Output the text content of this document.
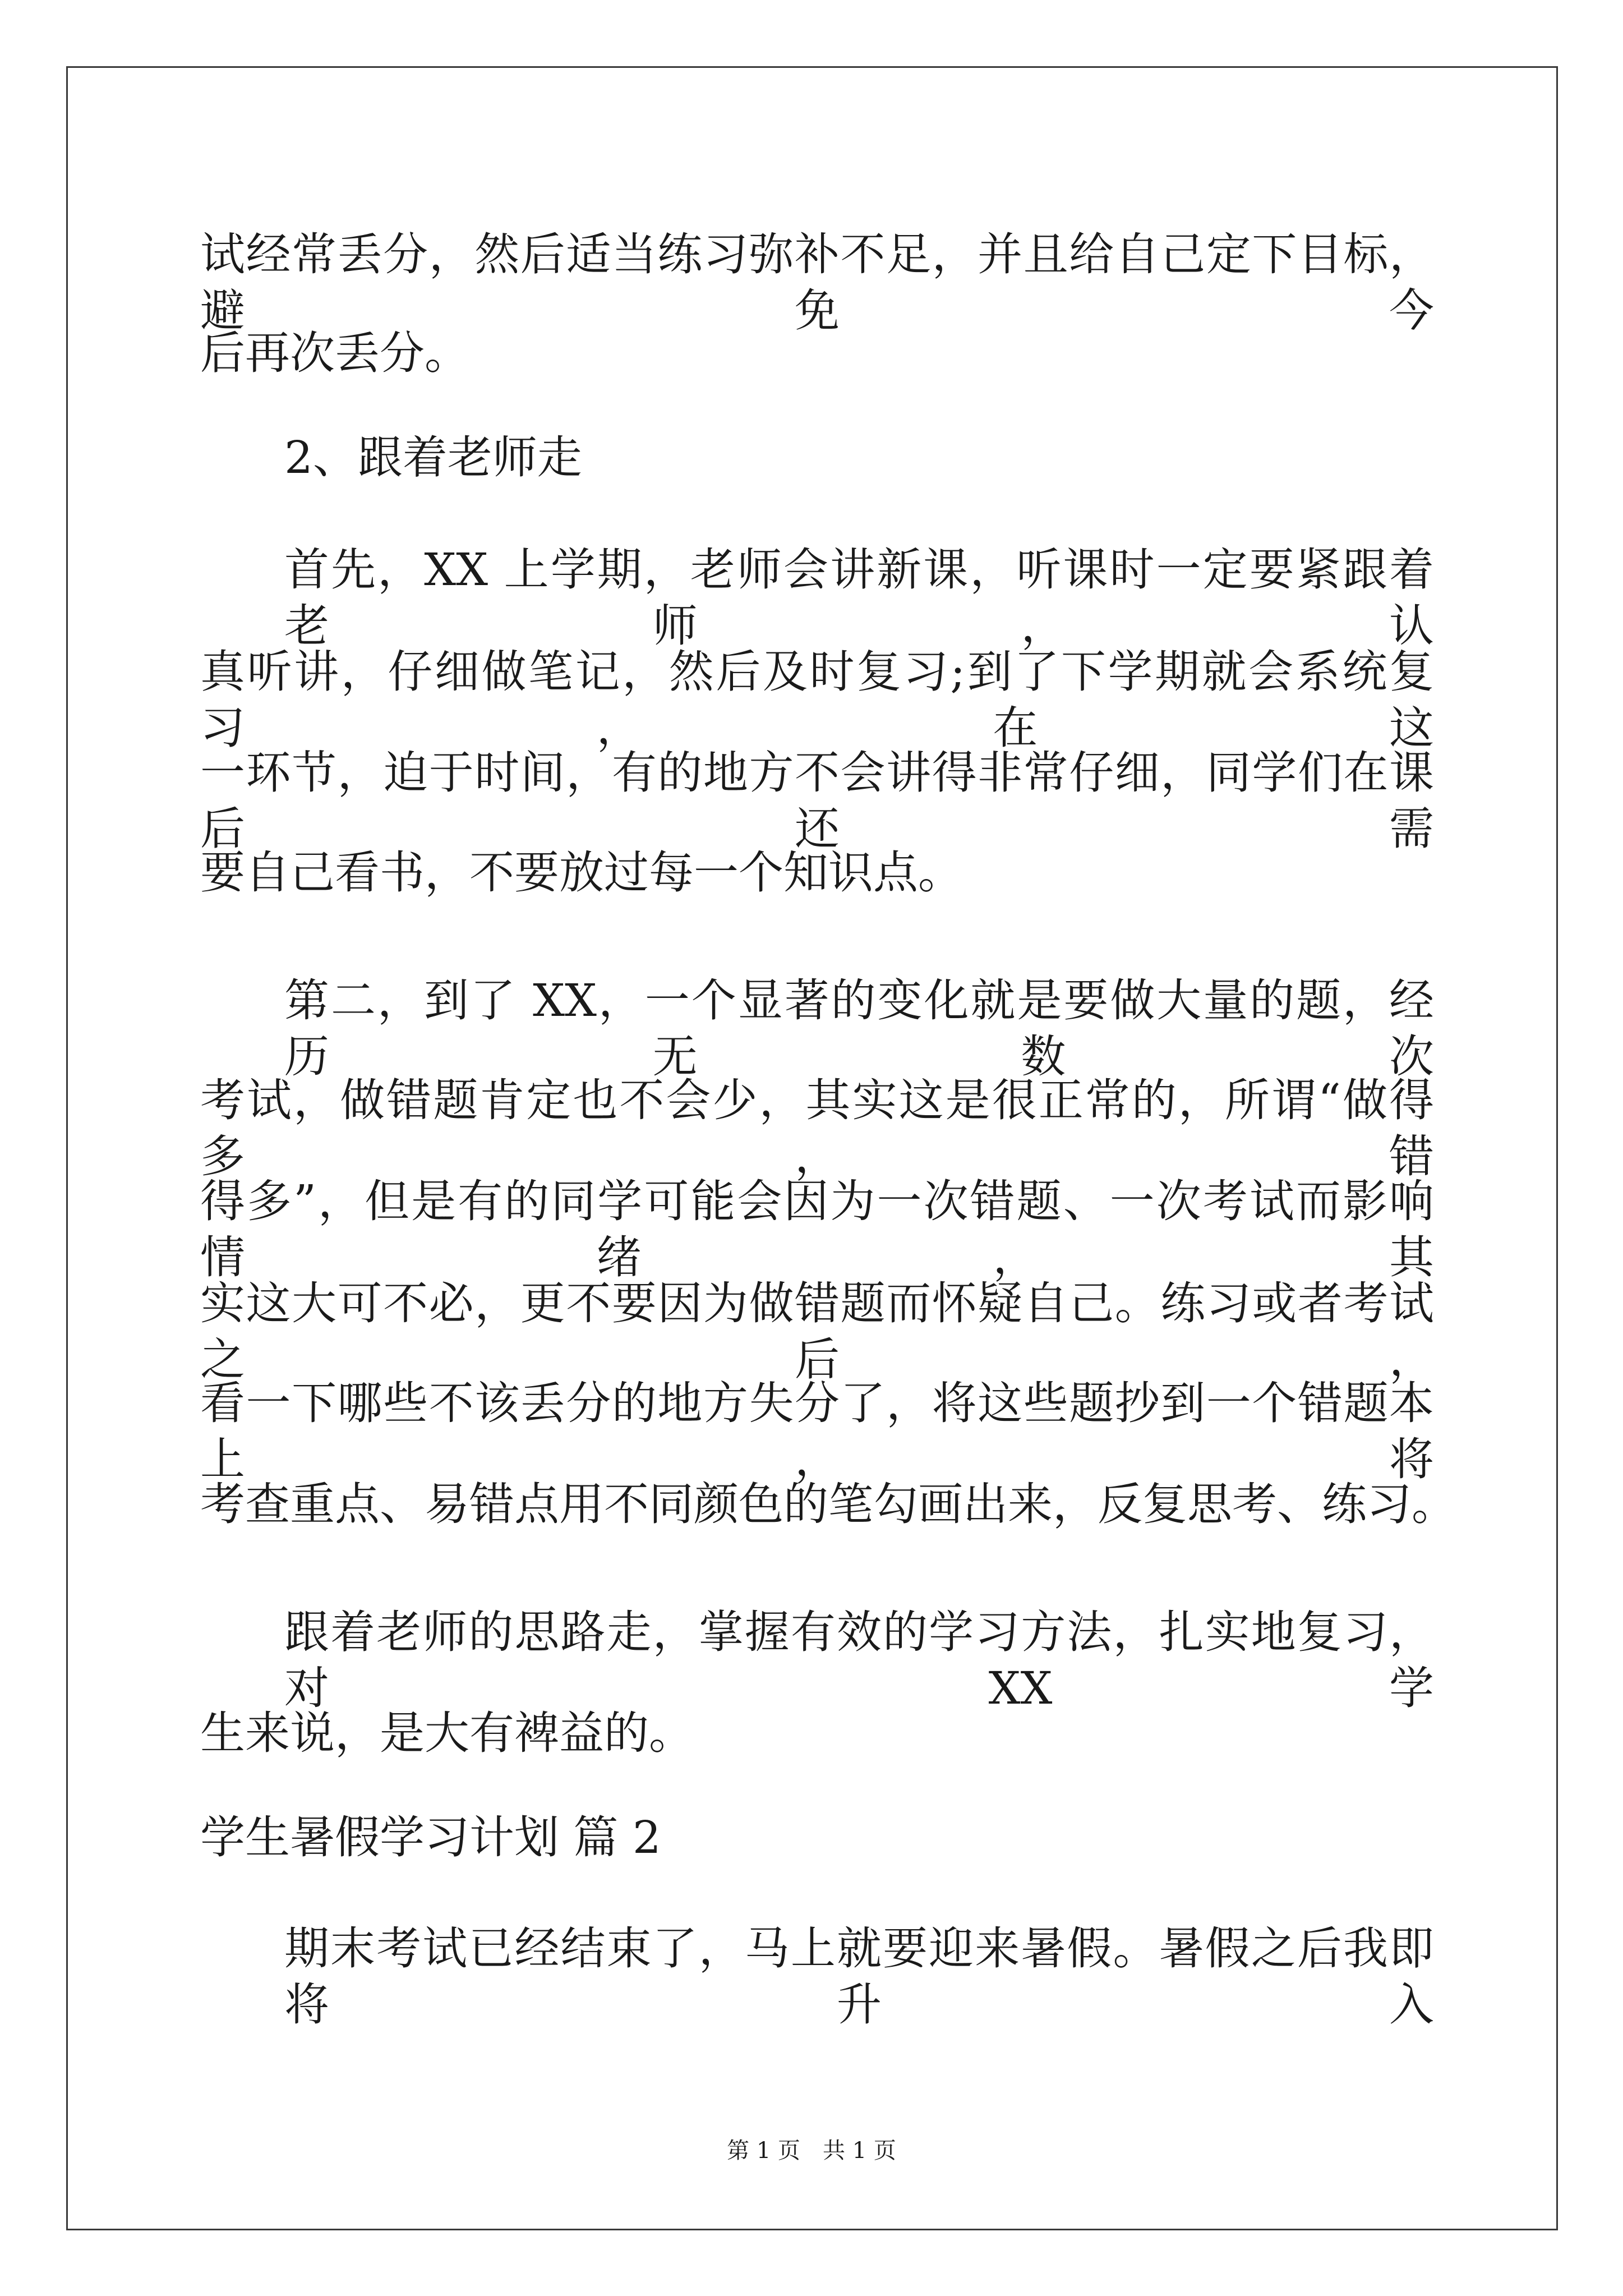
试经常丢分，然后适当练习弥补不足，并且给自己定下目标，避免今
后再次丢分。
2、跟着老师走
首先，XX 上学期，老师会讲新课，听课时一定要紧跟着老师，认
真听讲，仔细做笔记，然后及时复习;到了下学期就会系统复习，在这
一环节，迫于时间，有的地方不会讲得非常仔细，同学们在课后还需
要自己看书，不要放过每一个知识点。
第二，到了 XX，一个显著的变化就是要做大量的题，经历无数次
考试，做错题肯定也不会少，其实这是很正常的，所谓“做得多，错
得多”，但是有的同学可能会因为一次错题、一次考试而影响情绪，其
实这大可不必，更不要因为做错题而怀疑自己。练习或者考试之后，
看一下哪些不该丢分的地方失分了，将这些题抄到一个错题本上，将
考查重点、易错点用不同颜色的笔勾画出来，反复思考、练习。
跟着老师的思路走，掌握有效的学习方法，扎实地复习，对 XX 学
生来说，是大有裨益的。
学生暑假学习计划 篇 2
期末考试已经结束了，马上就要迎来暑假。暑假之后我即将升入
第 1 页　共 1 页
